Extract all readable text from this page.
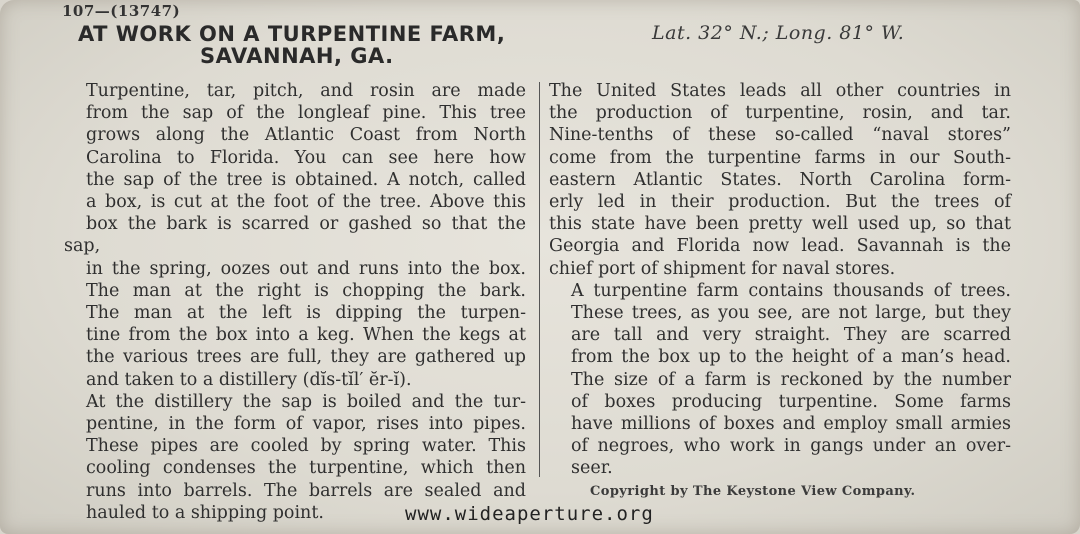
107—(13747)
AT WORK ON A TURPENTINE FARM,
SAVANNAH, GA.
Lat. 32° N.; Long. 81° W.

Turpentine, tar, pitch, and rosin are made
from the sap of the longleaf pine. This tree
grows along the Atlantic Coast from North
Carolina to Florida. You can see here how
the sap of the tree is obtained. A notch, called
a box, is cut at the foot of the tree. Above this
box the bark is scarred or gashed so that the sap,
in the spring, oozes out and runs into the box.
The man at the right is chopping the bark.
The man at the left is dipping the turpen-
tine from the box into a keg. When the kegs at
the various trees are full, they are gathered up
and taken to a distillery (dĭs-tĭl′ ĕr-ĭ).

At the distillery the sap is boiled and the tur-
pentine, in the form of vapor, rises into pipes.
These pipes are cooled by spring water. This
cooling condenses the turpentine, which then
runs into barrels. The barrels are sealed and
hauled to a shipping point.

The United States leads all other countries in
the production of turpentine, rosin, and tar.
Nine-tenths of these so-called “naval stores”
come from the turpentine farms in our South-
eastern Atlantic States. North Carolina form-
erly led in their production. But the trees of
this state have been pretty well used up, so that
Georgia and Florida now lead. Savannah is the
chief port of shipment for naval stores.

A turpentine farm contains thousands of trees.
These trees, as you see, are not large, but they
are tall and very straight. They are scarred
from the box up to the height of a man’s head.
The size of a farm is reckoned by the number
of boxes producing turpentine. Some farms
have millions of boxes and employ small armies
of negroes, who work in gangs under an over-
seer.

Copyright by The Keystone View Company.
www.wideaperture.org
